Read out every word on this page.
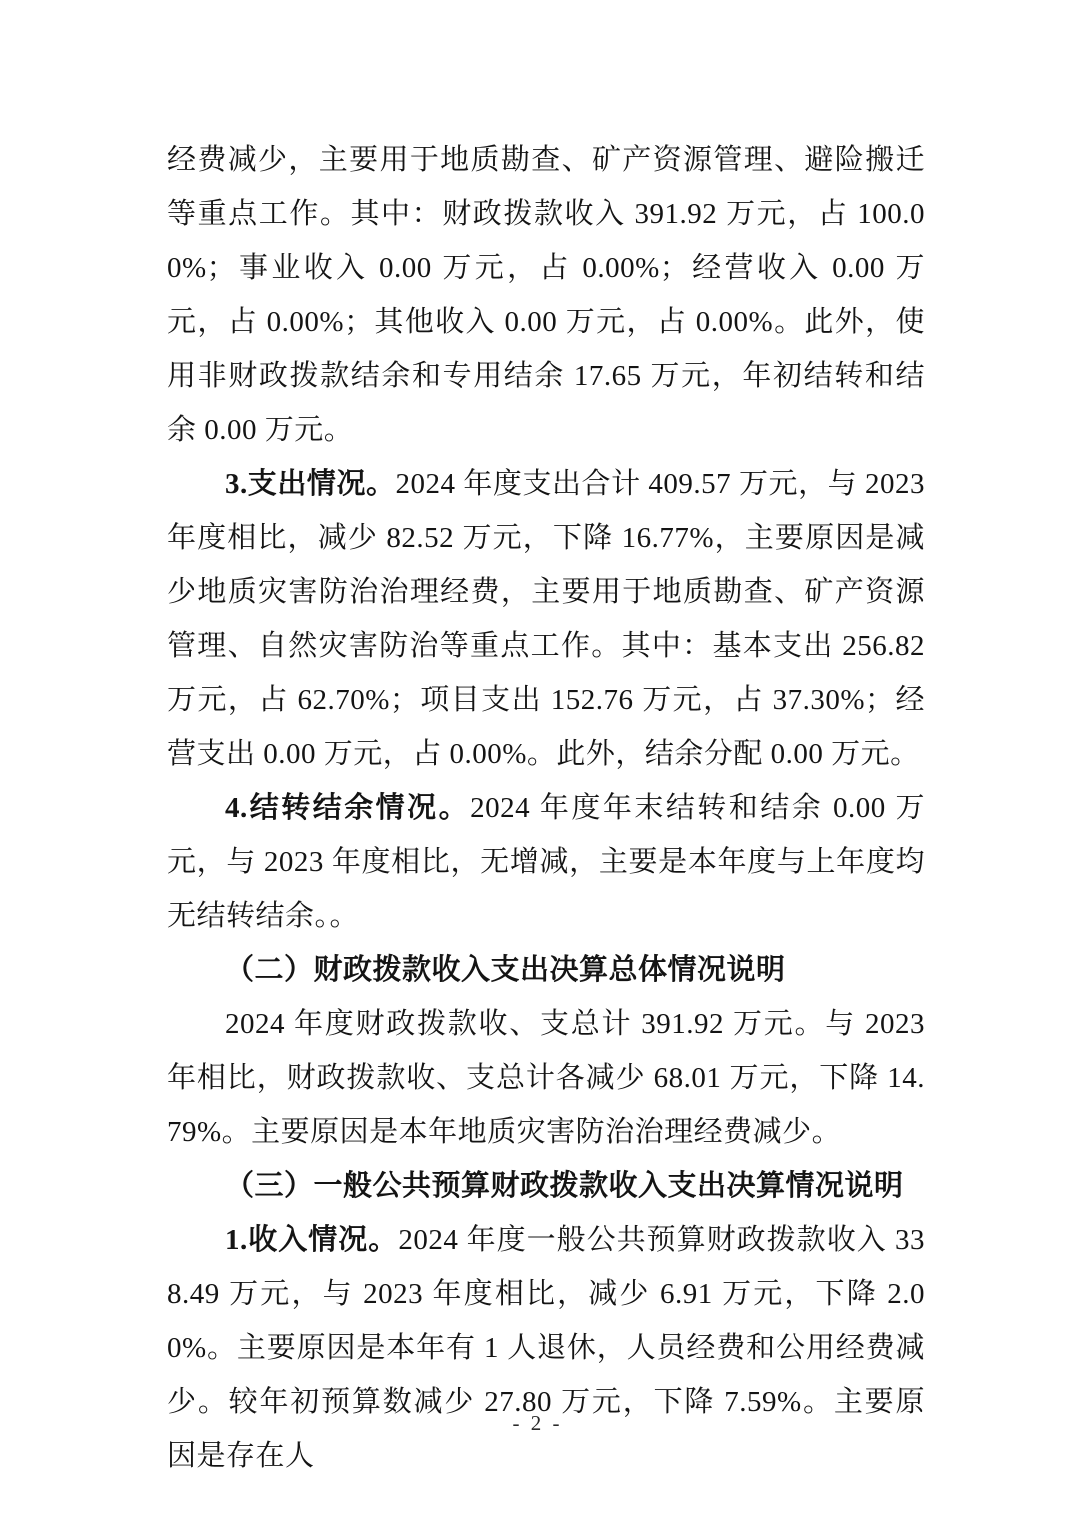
经费减少，主要用于地质勘查、矿产资源管理、避险搬迁等重点工作。其中：财政拨款收入 391.92 万元，占 100.00%；事业收入 0.00 万元，占 0.00%；经营收入 0.00 万元，占 0.00%；其他收入 0.00 万元，占 0.00%。此外，使用非财政拨款结余和专用结余 17.65 万元，年初结转和结余 0.00 万元。

3.支出情况。2024 年度支出合计 409.57 万元，与 2023 年度相比，减少 82.52 万元，下降 16.77%，主要原因是减少地质灾害防治治理经费，主要用于地质勘查、矿产资源管理、自然灾害防治等重点工作。其中：基本支出 256.82 万元，占 62.70%；项目支出 152.76 万元，占 37.30%；经营支出 0.00 万元，占 0.00%。此外，结余分配 0.00 万元。

4.结转结余情况。2024 年度年末结转和结余 0.00 万元，与 2023 年度相比，无增减，主要是本年度与上年度均无结转结余。。

（二）财政拨款收入支出决算总体情况说明

2024 年度财政拨款收、支总计 391.92 万元。与 2023 年相比，财政拨款收、支总计各减少 68.01 万元，下降 14.79%。主要原因是本年地质灾害防治治理经费减少。

（三）一般公共预算财政拨款收入支出决算情况说明

1.收入情况。2024 年度一般公共预算财政拨款收入 338.49 万元，与 2023 年度相比，减少 6.91 万元，下降 2.00%。主要原因是本年有 1 人退休，人员经费和公用经费减少。较年初预算数减少 27.80 万元，下降 7.59%。主要原因是存在人

- 2 -
